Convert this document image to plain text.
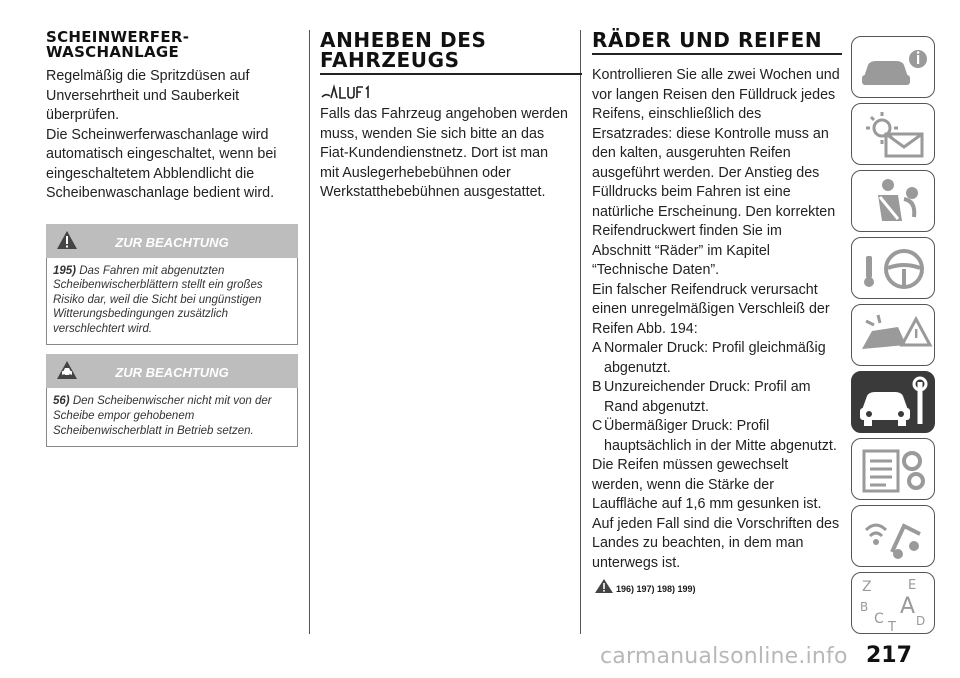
SCHEINWERFER-
WASCHANLAGE
Regelmäßig die Spritzdüsen auf Unversehrtheit und Sauberkeit überprüfen.
Die Scheinwerferwaschanlage wird automatisch eingeschaltet, wenn bei eingeschaltetem Abblendlicht die Scheibenwaschanlage bedient wird.
ZUR BEACHTUNG
195) Das Fahren mit abgenutzten Scheibenwischerblättern stellt ein großes Risiko dar, weil die Sicht bei ungünstigen Witterungsbedingungen zusätzlich verschlechtert wird.
ZUR BEACHTUNG
56) Den Scheibenwischer nicht mit von der Scheibe empor gehobenem Scheibenwischerblatt in Betrieb setzen.
ANHEBEN DES
FAHRZEUGS
Falls das Fahrzeug angehoben werden muss, wenden Sie sich bitte an das Fiat-Kundendienstnetz. Dort ist man mit Auslegerhebebühnen oder Werkstatthebebühnen ausgestattet.
RÄDER UND REIFEN
Kontrollieren Sie alle zwei Wochen und vor langen Reisen den Fülldruck jedes Reifens, einschließlich des Ersatzrades: diese Kontrolle muss an den kalten, ausgeruhten Reifen ausgeführt werden. Der Anstieg des Fülldrucks beim Fahren ist eine natürliche Erscheinung. Den korrekten Reifendruckwert finden Sie im Abschnitt “Räder” im Kapitel “Technische Daten”.
Ein falscher Reifendruck verursacht einen unregelmäßigen Verschleiß der Reifen Abb. 194:
A Normaler Druck: Profil gleichmäßig abgenutzt.
B Unzureichender Druck: Profil am Rand abgenutzt.
C Übermäßiger Druck: Profil hauptsächlich in der Mitte abgenutzt.
Die Reifen müssen gewechselt werden, wenn die Stärke der Lauffläche auf 1,6 mm gesunken ist. Auf jeden Fall sind die Vorschriften des Landes zu beachten, in dem man unterwegs ist.
196) 197) 198) 199)	Z	E
B A
C
T D
carmanualsonline.info 217
